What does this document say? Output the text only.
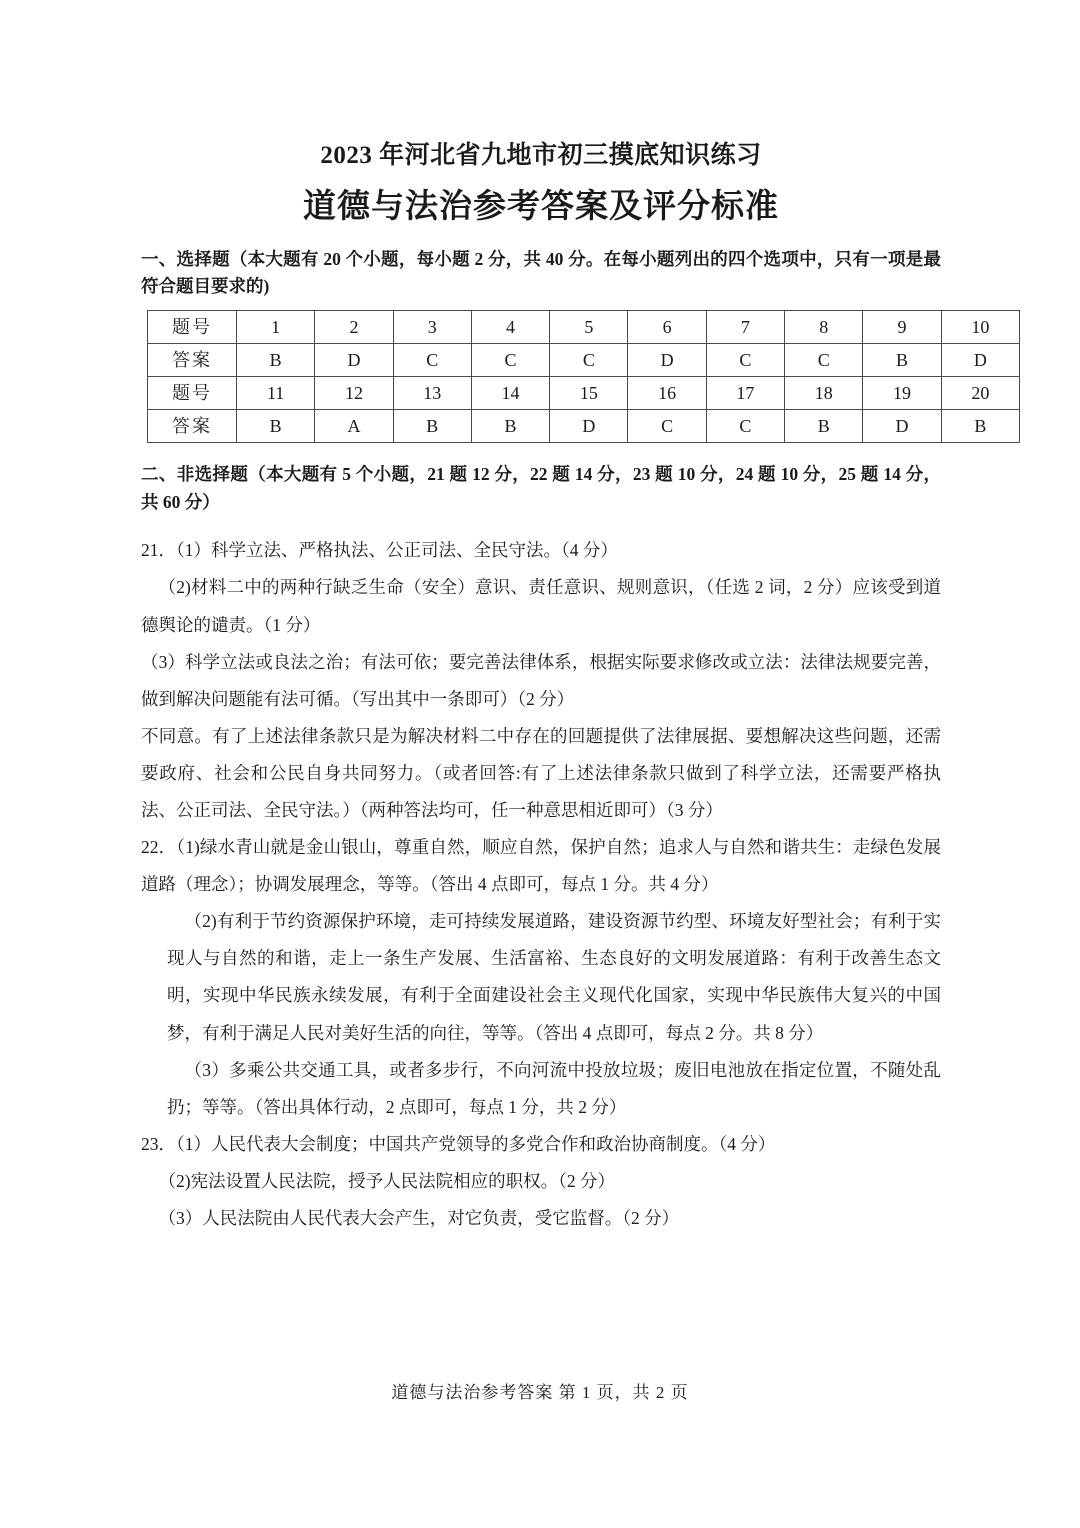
2023 年河北省九地市初三摸底知识练习
道德与法治参考答案及评分标准
一、选择题（本大题有 20 个小题，每小题 2 分，共 40 分。在每小题列出的四个选项中，只有一项是最符合题目要求的)
题号	1	2	3	4	5	6	7	8	9	10
答案	B	D	C	C	C	D	C	C	B	D
题号	11	12	13	14	15	16	17	18	19	20
答案	B	A	B	B	D	C	C	B	D	B
二、非选择题（本大题有 5 个小题，21 题 12 分，22 题 14 分，23 题 10 分，24 题 10 分，25 题 14 分，共 60 分）

21．（1）科学立法、严格执法、公正司法、全民守法。（4 分）

（2)材料二中的两种行缺乏生命（安全）意识、责任意识、规则意识，（任选 2 词，2 分）应该受到道德舆论的谴责。（1 分）

（3）科学立法或良法之治；有法可依；要完善法律体系，根据实际要求修改或立法：法律法规要完善，做到解决问题能有法可循。（写出其中一条即可）（2 分）

不同意。有了上述法律条款只是为解决材料二中存在的回题提供了法律展据、要想解决这些问题，还需要政府、社会和公民自身共同努力。（或者回答:有了上述法律条款只做到了科学立法，还需要严格执法、公正司法、全民守法。）（两种答法均可，任一种意思相近即可）（3 分）

22．（1)绿水青山就是金山银山，尊重自然，顺应自然，保护自然；追求人与自然和谐共生：走绿色发展道路（理念）；协调发展理念，等等。（答出 4 点即可，每点 1 分。共 4 分）

（2)有利于节约资源保护环境，走可持续发展道路，建设资源节约型、环境友好型社会；有利于实现人与自然的和谐，走上一条生产发展、生活富裕、生态良好的文明发展道路：有利于改善生态文明，实现中华民族永续发展，有利于全面建设社会主义现代化国家，实现中华民族伟大复兴的中国梦，有利于满足人民对美好生活的向往，等等。（答出 4 点即可，每点 2 分。共 8 分）

（3）多乘公共交通工具，或者多步行，不向河流中投放垃圾；废旧电池放在指定位置，不随处乱扔；等等。（答出具体行动，2 点即可，每点 1 分，共 2 分）

23．（1）人民代表大会制度；中国共产党领导的多党合作和政治协商制度。（4 分）

（2)宪法设置人民法院，授予人民法院相应的职权。（2 分）

（3）人民法院由人民代表大会产生，对它负责，受它监督。（2 分）

道德与法治参考答案 第 1 页，共 2 页
